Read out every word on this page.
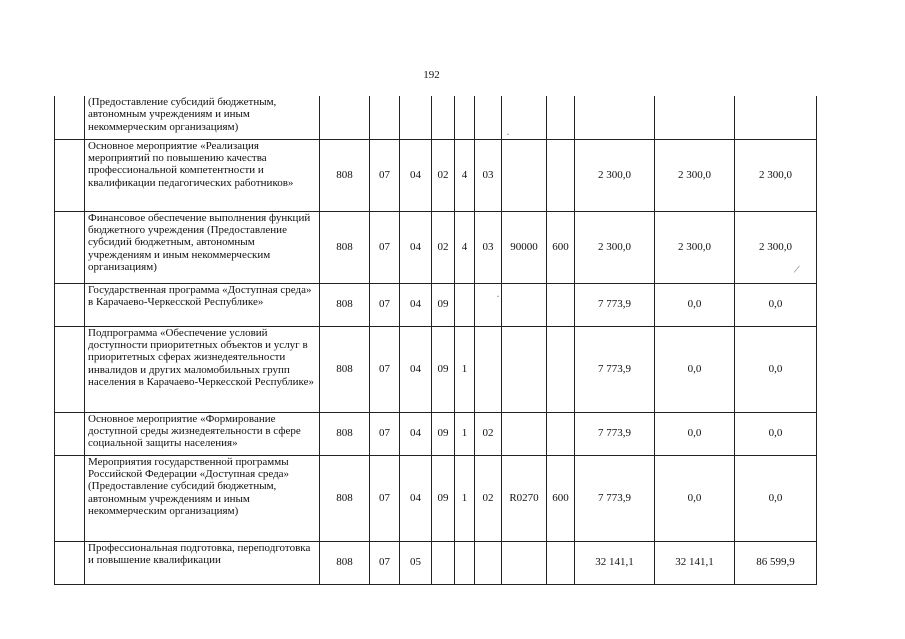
192
	(Предоставление субсидий бюджетным, автономным учреждениям и иным некоммерческим организациям)											
	Основное мероприятие «Реализация мероприятий по повышению качества профессиональной компетентности и квалификации педагогических работников»	808	07	04	02	4	03			2 300,0	2 300,0	2 300,0
	Финансовое обеспечение выполнения функций бюджетного учреждения (Предоставление субсидий бюджетным, автономным учреждениям и иным некоммерческим организациям)	808	07	04	02	4	03	90000	600	2 300,0	2 300,0	2 300,0
	Государственная программа «Доступная среда» в Карачаево-Черкесской Республике»	808	07	04	09					7 773,9	0,0	0,0
	Подпрограмма «Обеспечение условий доступности приоритетных объектов и услуг в приоритетных сферах жизнедеятельности инвалидов и других маломобильных групп населения в Карачаево-Черкесской Республике»	808	07	04	09	1				7 773,9	0,0	0,0
	Основное мероприятие «Формирование доступной среды жизнедеятельности в сфере социальной защиты населения»	808	07	04	09	1	02			7 773,9	0,0	0,0
	Мероприятия государственной программы Российской Федерации «Доступная среда» (Предоставление субсидий бюджетным, автономным учреждениям и иным некоммерческим организациям)	808	07	04	09	1	02	R0270	600	7 773,9	0,0	0,0
	Профессиональная подготовка, переподготовка и повышение квалификации	808	07	05						32 141,1	32 141,1	86 599,9
·
/
·
